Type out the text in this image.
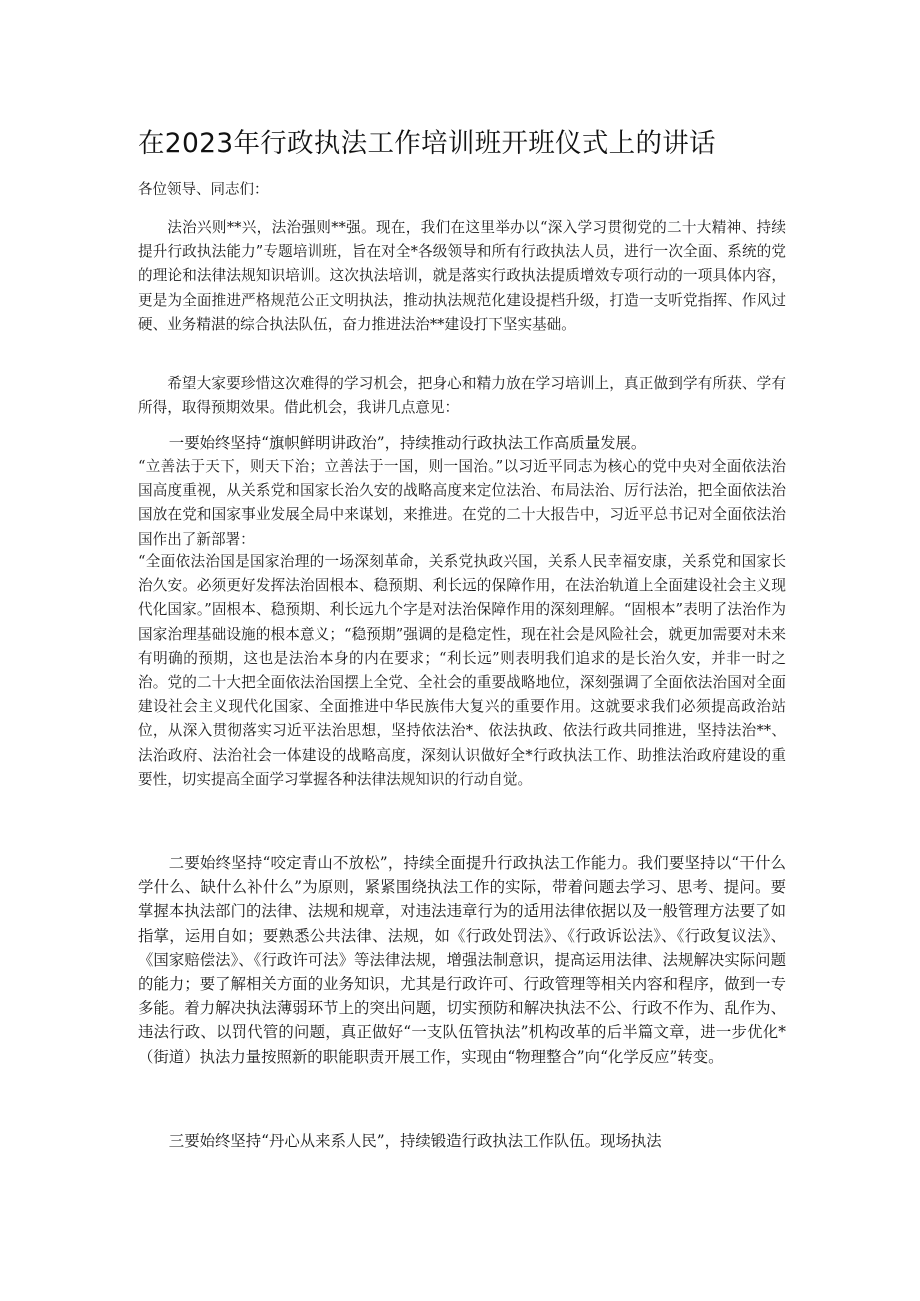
在2023年行政执法工作培训班开班仪式上的讲话

各位领导、同志们：

法治兴则**兴，法治强则**强。现在，我们在这里举办以“深入学习贯彻党的二十大精神、持续提升行政执法能力”专题培训班，旨在对全*各级领导和所有行政执法人员，进行一次全面、系统的党的理论和法律法规知识培训。这次执法培训，就是落实行政执法提质增效专项行动的一项具体内容，更是为全面推进严格规范公正文明执法，推动执法规范化建设提档升级，打造一支听党指挥、作风过硬、业务精湛的综合执法队伍，奋力推进法治**建设打下坚实基础。

希望大家要珍惜这次难得的学习机会，把身心和精力放在学习培训上，真正做到学有所获、学有所得，取得预期效果。借此机会，我讲几点意见：

一要始终坚持“旗帜鲜明讲政治”，持续推动行政执法工作高质量发展。

“立善法于天下，则天下治；立善法于一国，则一国治。”以习近平同志为核心的党中央对全面依法治国高度重视，从关系党和国家长治久安的战略高度来定位法治、布局法治、厉行法治，把全面依法治国放在党和国家事业发展全局中来谋划，来推进。在党的二十大报告中，习近平总书记对全面依法治国作出了新部署：

“全面依法治国是国家治理的一场深刻革命，关系党执政兴国，关系人民幸福安康，关系党和国家长治久安。必须更好发挥法治固根本、稳预期、利长远的保障作用，在法治轨道上全面建设社会主义现代化国家。”固根本、稳预期、利长远九个字是对法治保障作用的深刻理解。“固根本”表明了法治作为国家治理基础设施的根本意义；“稳预期”强调的是稳定性，现在社会是风险社会，就更加需要对未来有明确的预期，这也是法治本身的内在要求；“利长远”则表明我们追求的是长治久安，并非一时之治。党的二十大把全面依法治国摆上全党、全社会的重要战略地位，深刻强调了全面依法治国对全面建设社会主义现代化国家、全面推进中华民族伟大复兴的重要作用。这就要求我们必须提高政治站位，从深入贯彻落实习近平法治思想，坚持依法治*、依法执政、依法行政共同推进，坚持法治**、法治政府、法治社会一体建设的战略高度，深刻认识做好全*行政执法工作、助推法治政府建设的重要性，切实提高全面学习掌握各种法律法规知识的行动自觉。

二要始终坚持“咬定青山不放松”，持续全面提升行政执法工作能力。我们要坚持以“干什么学什么、缺什么补什么”为原则，紧紧围绕执法工作的实际，带着问题去学习、思考、提问。要掌握本执法部门的法律、法规和规章，对违法违章行为的适用法律依据以及一般管理方法要了如指掌，运用自如；要熟悉公共法律、法规，如《行政处罚法》、《行政诉讼法》、《行政复议法》、《国家赔偿法》、《行政许可法》等法律法规，增强法制意识，提高运用法律、法规解决实际问题的能力；要了解相关方面的业务知识，尤其是行政许可、行政管理等相关内容和程序，做到一专多能。着力解决执法薄弱环节上的突出问题，切实预防和解决执法不公、行政不作为、乱作为、违法行政、以罚代管的问题，真正做好“一支队伍管执法”机构改革的后半篇文章，进一步优化*（街道）执法力量按照新的职能职责开展工作，实现由“物理整合”向“化学反应”转变。

三要始终坚持“丹心从来系人民”，持续锻造行政执法工作队伍。现场执法
